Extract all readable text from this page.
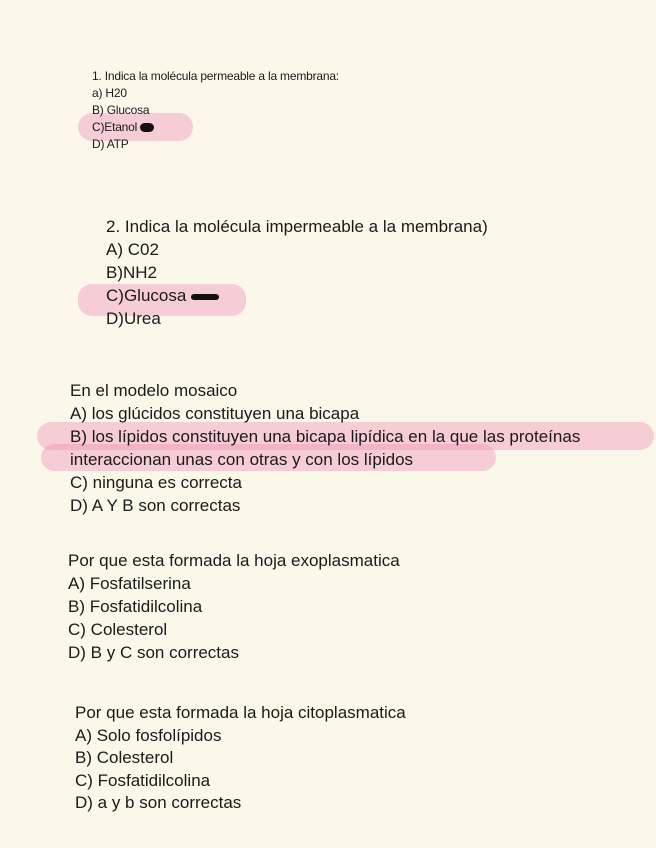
1. Indica la molécula permeable a la membrana:
a) H20
B) Glucosa
C)Etanol
D) ATP
2. Indica la molécula impermeable a la membrana)
A) C02
B)NH2
C)Glucosa
D)Urea
En el modelo mosaico
A) los glúcidos constituyen una bicapa
B) los lípidos constituyen una bicapa lipídica en la que las proteínas
interaccionan unas con otras y con los lípidos
C) ninguna es correcta
D) A Y B son correctas
Por que esta formada la hoja exoplasmatica
A) Fosfatilserina
B) Fosfatidilcolina
C) Colesterol
D) B y C son correctas
Por que esta formada la hoja citoplasmatica
A) Solo fosfolípidos
B) Colesterol
C) Fosfatidilcolina
D) a y b son correctas
